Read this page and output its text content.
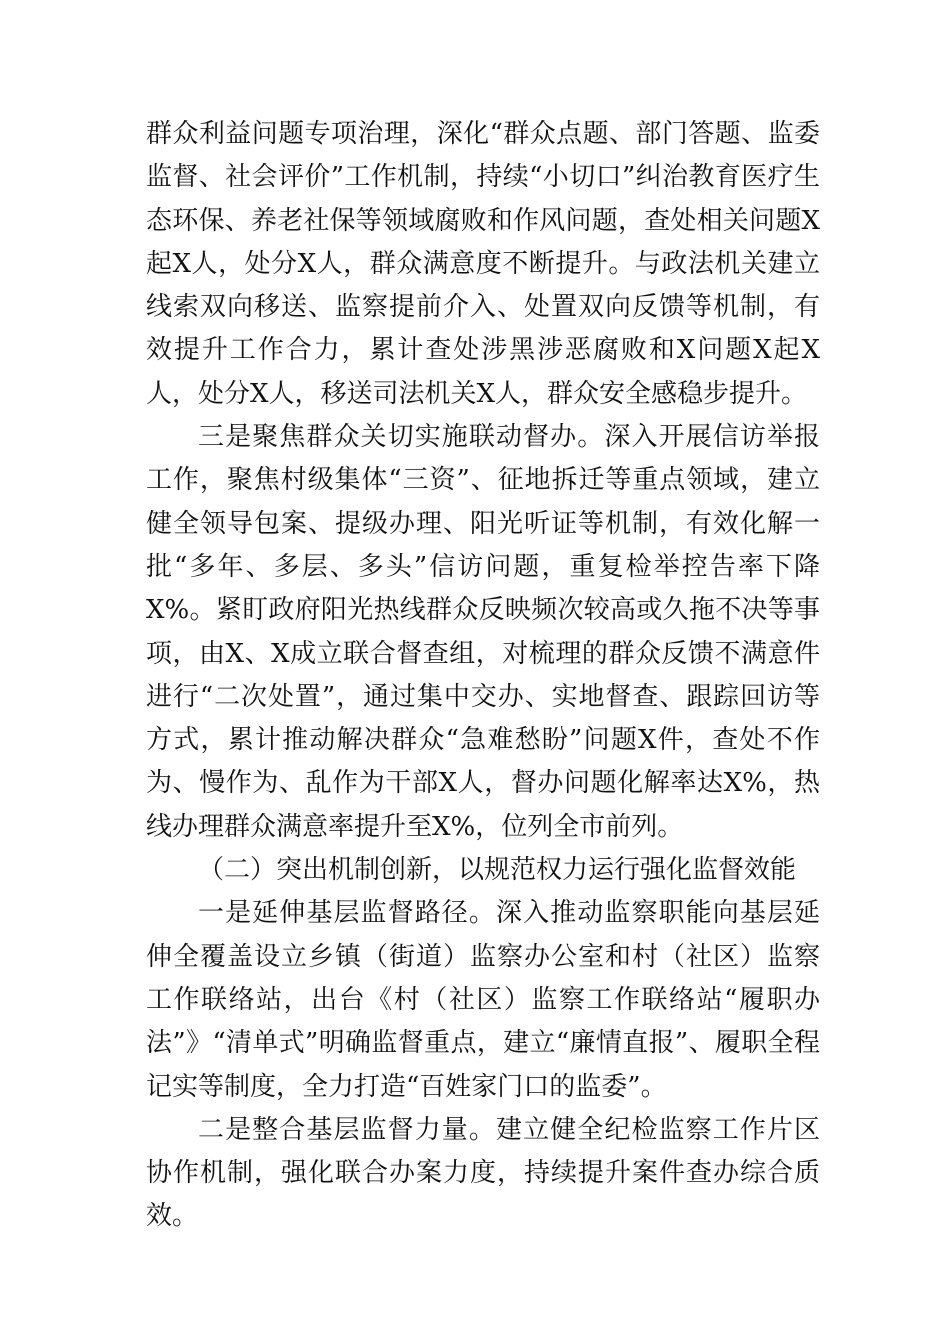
群众利益问题专项治理，深化“群众点题、部门答题、监委监督、社会评价”工作机制，持续“小切口”纠治教育医疗生态环保、养老社保等领域腐败和作风问题，查处相关问题X起X人，处分X人，群众满意度不断提升。与政法机关建立线索双向移送、监察提前介入、处置双向反馈等机制，有效提升工作合力，累计查处涉黑涉恶腐败和X问题X起X人，处分X人，移送司法机关X人，群众安全感稳步提升。

三是聚焦群众关切实施联动督办。深入开展信访举报工作，聚焦村级集体“三资”、征地拆迁等重点领域，建立健全领导包案、提级办理、阳光听证等机制，有效化解一批“多年、多层、多头”信访问题，重复检举控告率下降X%。紧盯政府阳光热线群众反映频次较高或久拖不决等事项，由X、X成立联合督查组，对梳理的群众反馈不满意件进行“二次处置”，通过集中交办、实地督查、跟踪回访等方式，累计推动解决群众“急难愁盼”问题X件，查处不作为、慢作为、乱作为干部X人，督办问题化解率达X%，热线办理群众满意率提升至X%，位列全市前列。

（二）突出机制创新，以规范权力运行强化监督效能

一是延伸基层监督路径。深入推动监察职能向基层延伸全覆盖设立乡镇（街道）监察办公室和村（社区）监察工作联络站，出台《村（社区）监察工作联络站“履职办法”》“清单式”明确监督重点，建立“廉情直报”、履职全程记实等制度，全力打造“百姓家门口的监委”。

二是整合基层监督力量。建立健全纪检监察工作片区协作机制，强化联合办案力度，持续提升案件查办综合质效。
